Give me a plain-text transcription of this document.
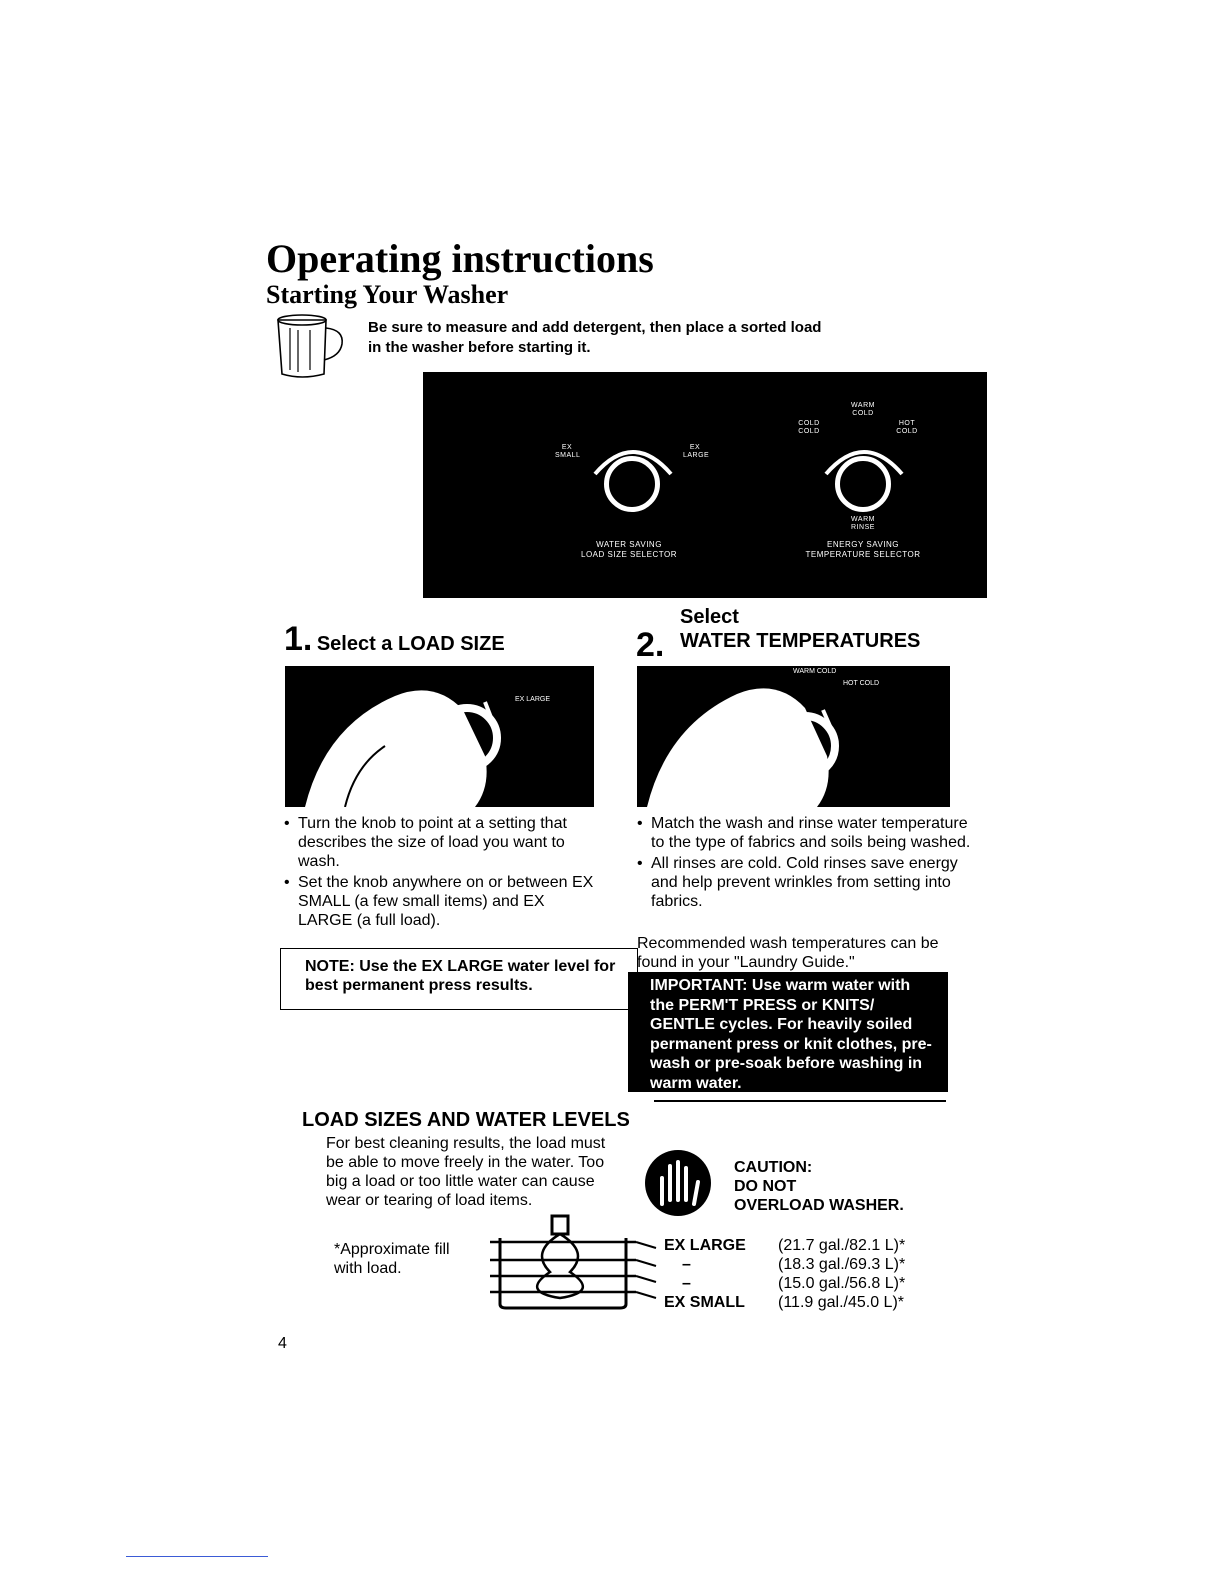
Operating instructions
Starting Your Washer
Be sure to measure and add detergent, then place a sorted load in the washer before starting it.
EX SMALL
EX LARGE
WATER SAVING
LOAD SIZE SELECTOR
WARM COLD
COLD COLD
HOT COLD
WARM RINSE
ENERGY SAVING
TEMPERATURE SELECTOR
1. Select a LOAD SIZE
EX LARGE
• Turn the knob to point at a setting that describes the size of load you want to wash.
• Set the knob anywhere on or between EX SMALL (a few small items) and EX LARGE (a full load).
NOTE: Use the EX LARGE water level for best permanent press results.
2.
Select
WATER TEMPERATURES
WARM COLD
HOT COLD
• Match the wash and rinse water temperature to the type of fabrics and soils being washed.
• All rinses are cold. Cold rinses save energy and help prevent wrinkles from setting into fabrics.
Recommended wash temperatures can be found in your "Laundry Guide."
IMPORTANT: Use warm water with the PERM'T PRESS or KNITS/ GENTLE cycles. For heavily soiled permanent press or knit clothes, pre-wash or pre-soak before washing in warm water.
LOAD SIZES AND WATER LEVELS
For best cleaning results, the load must be able to move freely in the water. Too big a load or too little water can cause wear or tearing of load items.
CAUTION:
DO NOT
OVERLOAD WASHER.
*Approximate fill with load.
EX LARGE
–
–
EX SMALL
(21.7 gal./82.1 L)*
(18.3 gal./69.3 L)*
(15.0 gal./56.8 L)*
(11.9 gal./45.0 L)*
4
